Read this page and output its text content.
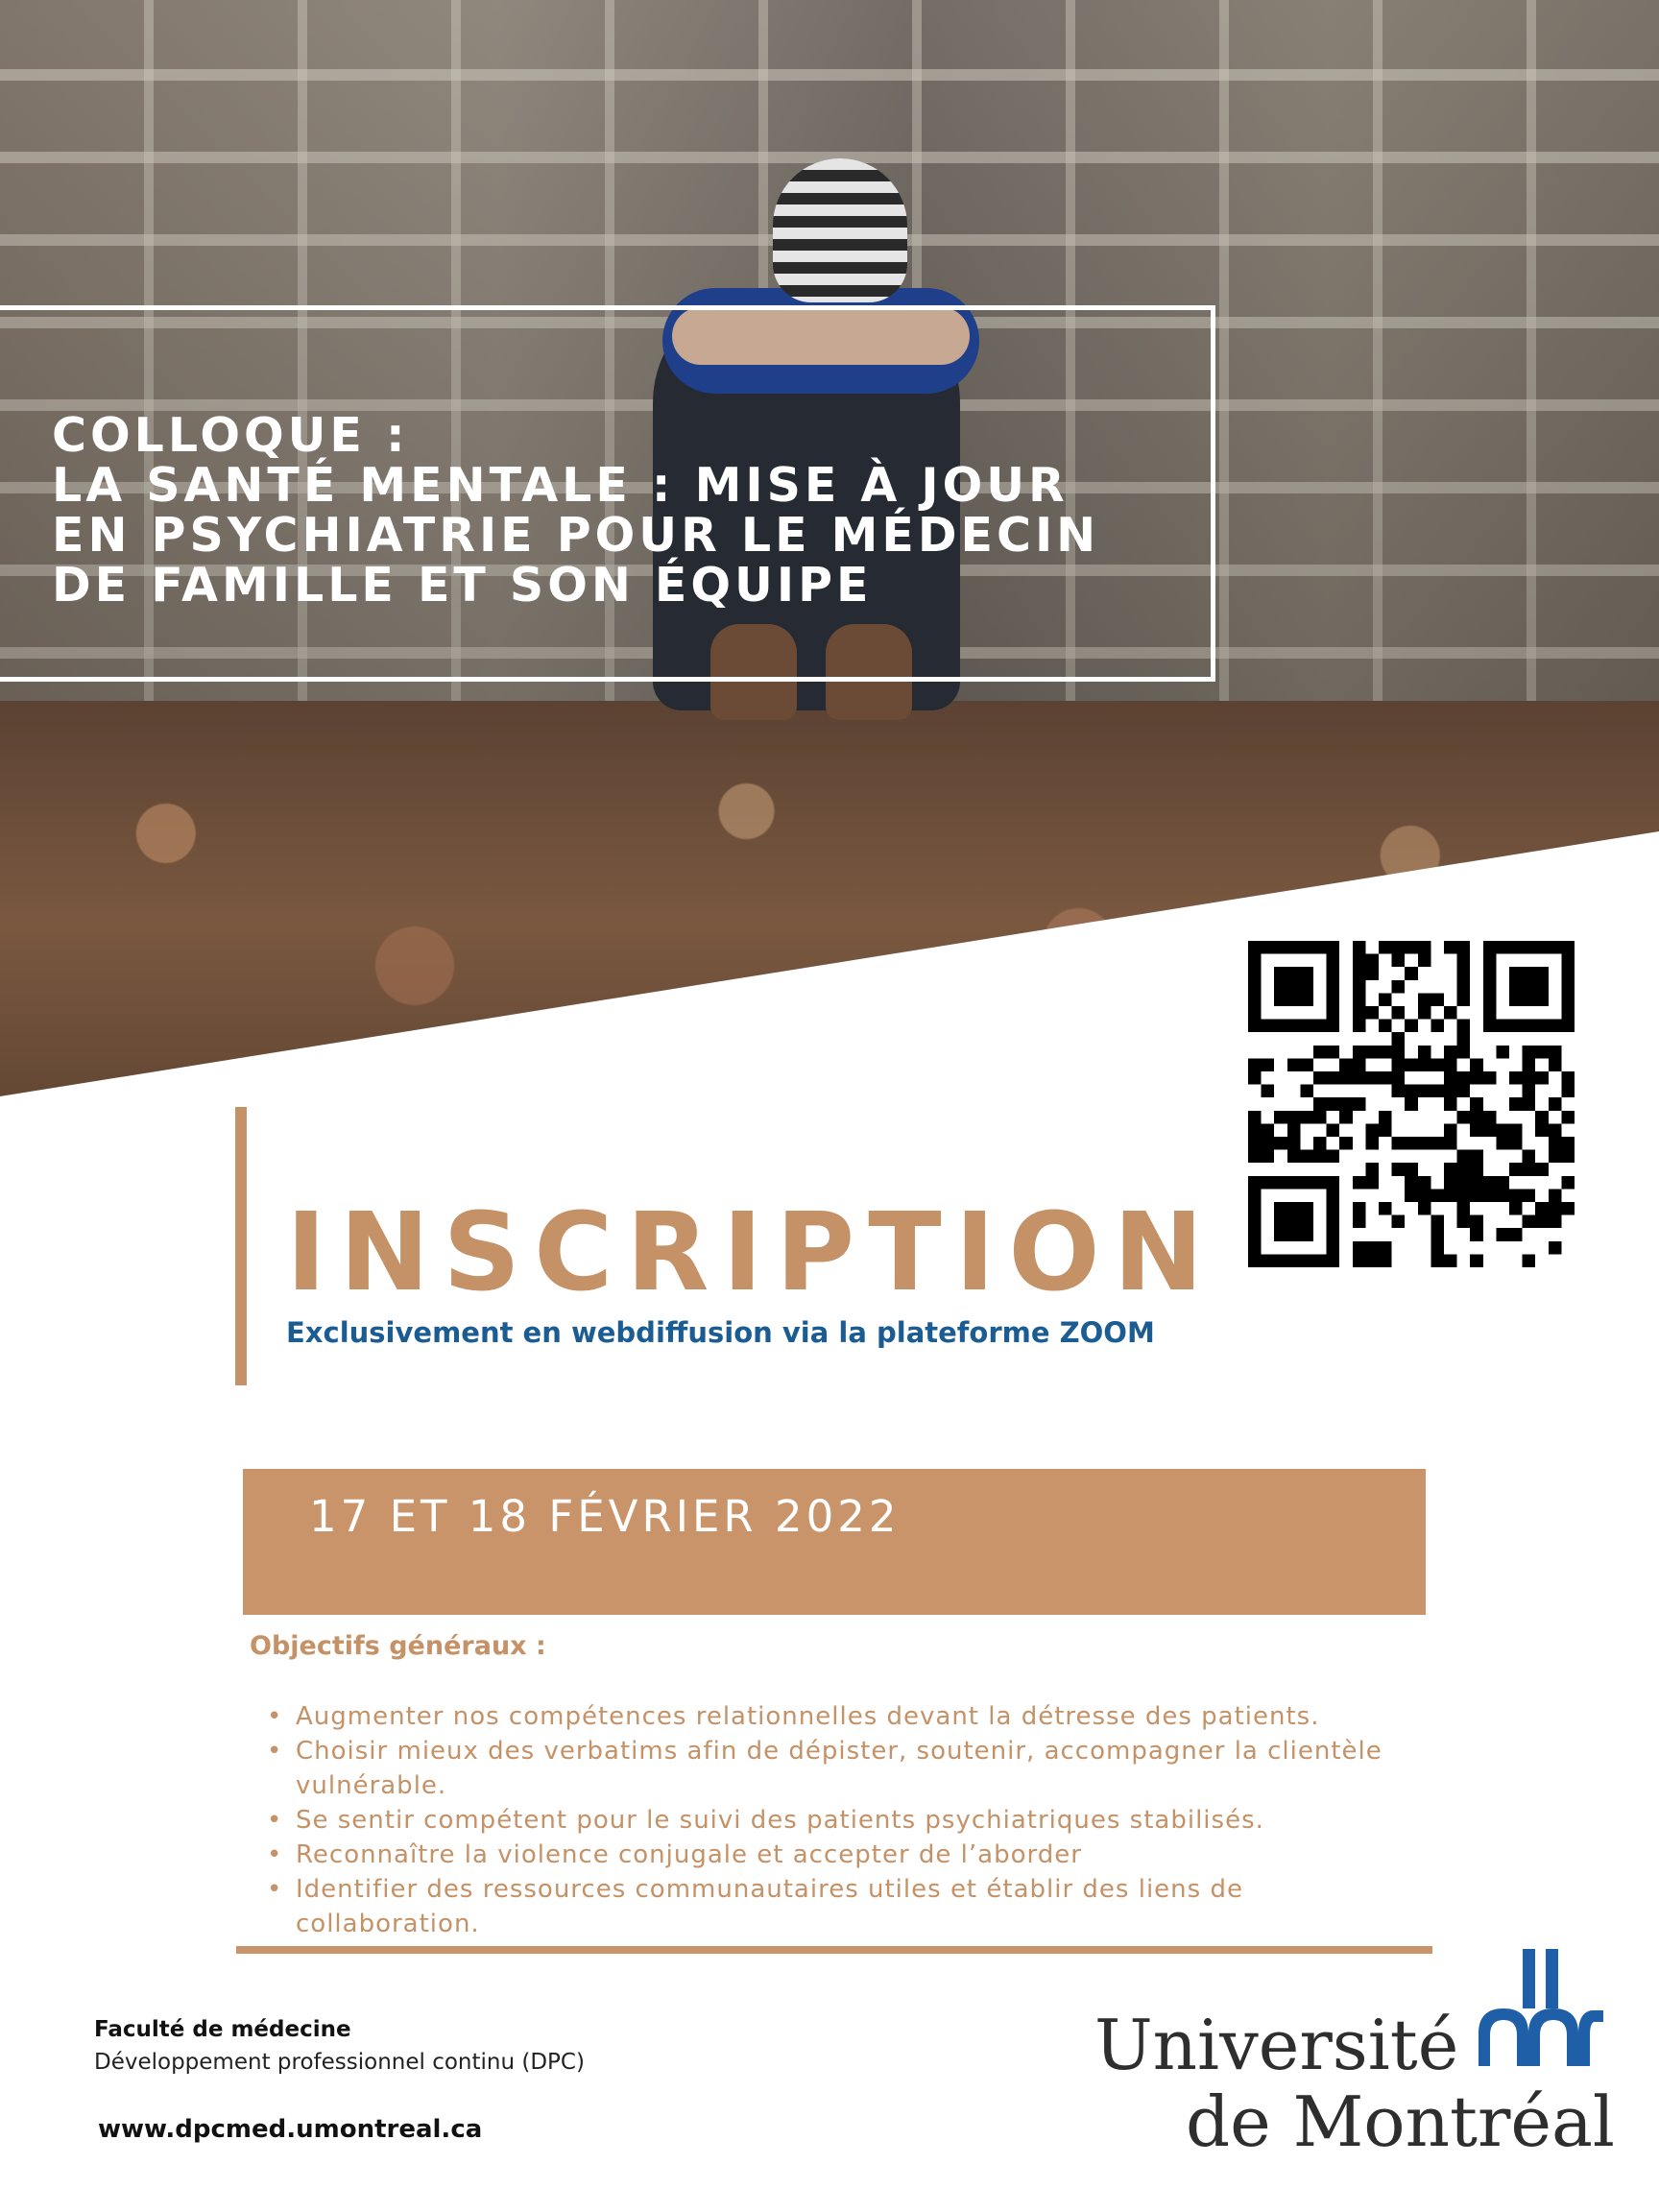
COLLOQUE :
LA SANTÉ MENTALE : MISE À JOUR
EN PSYCHIATRIE POUR LE MÉDECIN
DE FAMILLE ET SON ÉQUIPE
INSCRIPTION
Exclusivement en webdiffusion via la plateforme ZOOM
17 ET 18 FÉVRIER 2022
Objectifs généraux :
• Augmenter nos compétences relationnelles devant la détresse des patients.
• Choisir mieux des verbatims afin de dépister, soutenir, accompagner la clientèle vulnérable.
• Se sentir compétent pour le suivi des patients psychiatriques stabilisés.
• Reconnaître la violence conjugale et accepter de l’aborder
• Identifier des ressources communautaires utiles et établir des liens de collaboration.
Faculté de médecine
Développement professionnel continu (DPC)
www.dpcmed.umontreal.ca
Université
de Montréal
